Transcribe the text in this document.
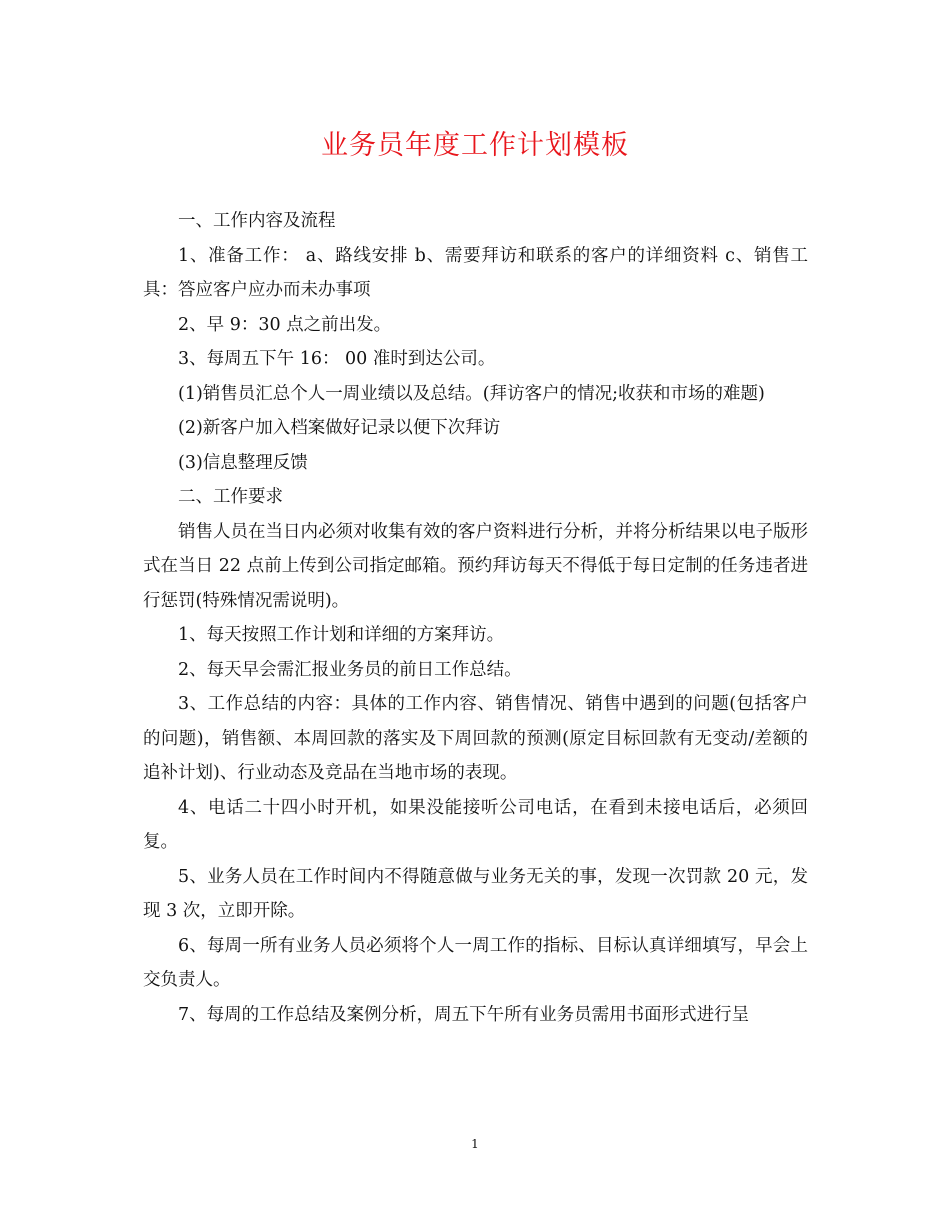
业务员年度工作计划模板

一、工作内容及流程

1、准备工作： a、路线安排 b、需要拜访和联系的客户的详细资料 c、销售工具：答应客户应办而未办事项

2、早 9：30 点之前出发。

3、每周五下午 16： 00 准时到达公司。

(1)销售员汇总个人一周业绩以及总结。(拜访客户的情况;收获和市场的难题)

(2)新客户加入档案做好记录以便下次拜访

(3)信息整理反馈

二、工作要求

销售人员在当日内必须对收集有效的客户资料进行分析，并将分析结果以电子版形式在当日 22 点前上传到公司指定邮箱。预约拜访每天不得低于每日定制的任务违者进行惩罚(特殊情况需说明)。

1、每天按照工作计划和详细的方案拜访。

2、每天早会需汇报业务员的前日工作总结。

3、工作总结的内容：具体的工作内容、销售情况、销售中遇到的问题(包括客户的问题)，销售额、本周回款的落实及下周回款的预测(原定目标回款有无变动/差额的追补计划)、行业动态及竞品在当地市场的表现。

4、电话二十四小时开机，如果没能接听公司电话，在看到未接电话后，必须回复。

5、业务人员在工作时间内不得随意做与业务无关的事，发现一次罚款 20 元，发现 3 次，立即开除。

6、每周一所有业务人员必须将个人一周工作的指标、目标认真详细填写，早会上交负责人。

7、每周的工作总结及案例分析，周五下午所有业务员需用书面形式进行呈

1
